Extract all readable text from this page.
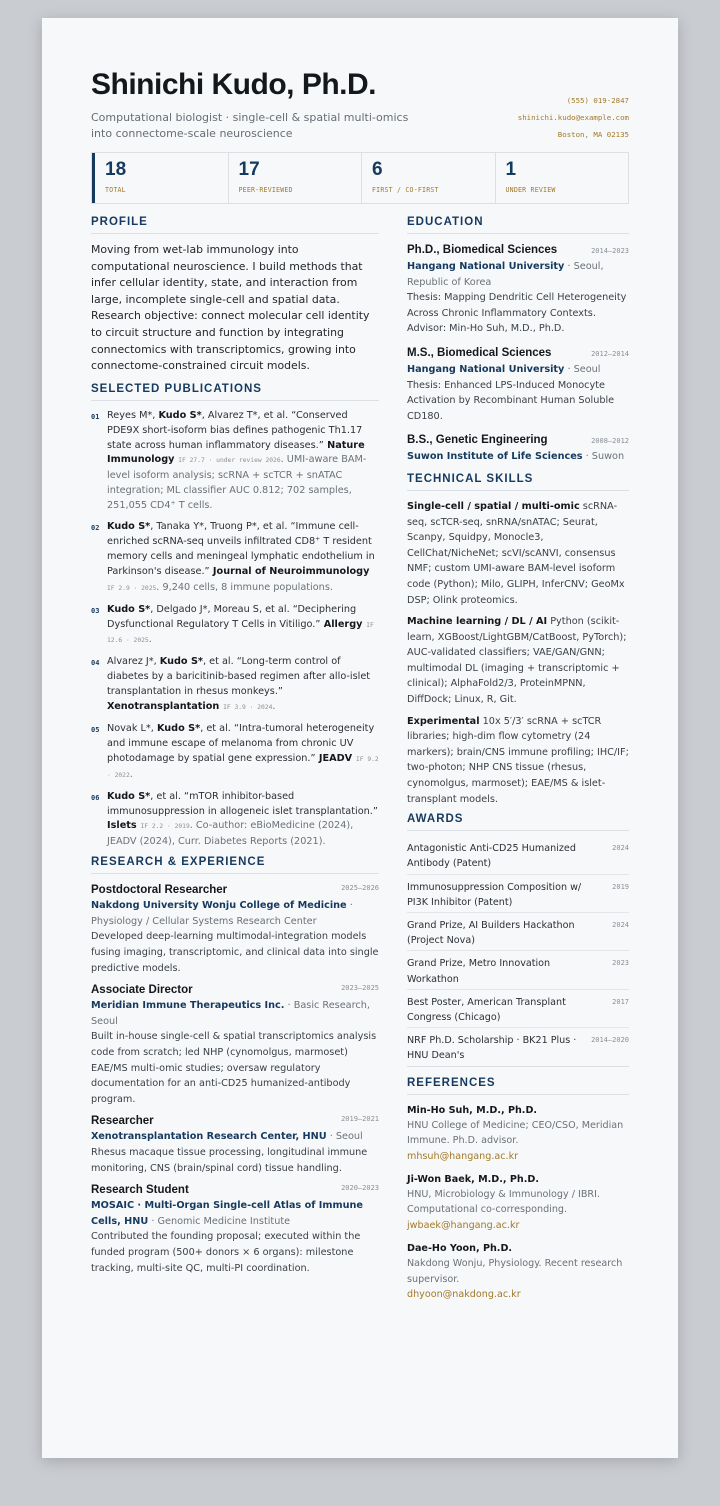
Shinichi Kudo, Ph.D.
Computational biologist · single-cell & spatial multi-omics into connectome-scale neuroscience
(555) 019-2847
shinichi.kudo@example.com
Boston, MA 02135
18
TOTAL
17
PEER-REVIEWED
6
FIRST / CO-FIRST
1
UNDER REVIEW
PROFILE
Moving from wet-lab immunology into computational neuroscience. I build methods that infer cellular identity, state, and interaction from large, incomplete single-cell and spatial data. Research objective: connect molecular cell identity to circuit structure and function by integrating connectomics with transcriptomics, growing into connectome-constrained circuit models.
SELECTED PUBLICATIONS
01 Reyes M*, Kudo S*, Alvarez T*, et al. “Conserved PDE9X short-isoform bias defines pathogenic Th1.17 state across human inflammatory diseases.” Nature Immunology IF 27.7 · under review 2026. UMI-aware BAM-level isoform analysis; scRNA + scTCR + snATAC integration; ML classifier AUC 0.812; 702 samples, 251,055 CD4⁺ T cells.
02 Kudo S*, Tanaka Y*, Truong P*, et al. “Immune cell-enriched scRNA-seq unveils infiltrated CD8⁺ T resident memory cells and meningeal lymphatic endothelium in Parkinson's disease.” Journal of Neuroimmunology IF 2.9 · 2025. 9,240 cells, 8 immune populations.
03 Kudo S*, Delgado J*, Moreau S, et al. “Deciphering Dysfunctional Regulatory T Cells in Vitiligo.” Allergy IF 12.6 · 2025.
04 Alvarez J*, Kudo S*, et al. “Long-term control of diabetes by a baricitinib-based regimen after allo-islet transplantation in rhesus monkeys.” Xenotransplantation IF 3.9 · 2024.
05 Novak L*, Kudo S*, et al. “Intra-tumoral heterogeneity and immune escape of melanoma from chronic UV photodamage by spatial gene expression.” JEADV IF 9.2 · 2022.
06 Kudo S*, et al. “mTOR inhibitor-based immunosuppression in allogeneic islet transplantation.” Islets IF 2.2 · 2019. Co-author: eBioMedicine (2024), JEADV (2024), Curr. Diabetes Reports (2021).
RESEARCH & EXPERIENCE
Postdoctoral Researcher	2025–2026
Nakdong University Wonju College of Medicine · Physiology / Cellular Systems Research Center
Developed deep-learning multimodal-integration models fusing imaging, transcriptomic, and clinical data into single predictive models.
Associate Director	2023–2025
Meridian Immune Therapeutics Inc. · Basic Research, Seoul
Built in-house single-cell & spatial transcriptomics analysis code from scratch; led NHP (cynomolgus, marmoset) EAE/MS multi-omic studies; oversaw regulatory documentation for an anti-CD25 humanized-antibody program.
Researcher	2019–2021
Xenotransplantation Research Center, HNU · Seoul
Rhesus macaque tissue processing, longitudinal immune monitoring, CNS (brain/spinal cord) tissue handling.
Research Student	2020–2023
MOSAIC · Multi-Organ Single-cell Atlas of Immune Cells, HNU · Genomic Medicine Institute
Contributed the founding proposal; executed within the funded program (500+ donors × 6 organs): milestone tracking, multi-site QC, multi-PI coordination.
EDUCATION
Ph.D., Biomedical Sciences	2014–2023
Hangang National University · Seoul, Republic of Korea
Thesis: Mapping Dendritic Cell Heterogeneity Across Chronic Inflammatory Contexts. Advisor: Min-Ho Suh, M.D., Ph.D.
M.S., Biomedical Sciences	2012–2014
Hangang National University · Seoul
Thesis: Enhanced LPS-Induced Monocyte Activation by Recombinant Human Soluble CD180.
B.S., Genetic Engineering	2008–2012
Suwon Institute of Life Sciences · Suwon
TECHNICAL SKILLS
Single-cell / spatial / multi-omic scRNA-seq, scTCR-seq, snRNA/snATAC; Seurat, Scanpy, Squidpy, Monocle3, CellChat/NicheNet; scVI/scANVI, consensus NMF; custom UMI-aware BAM-level isoform code (Python); Milo, GLIPH, InferCNV; GeoMx DSP; Olink proteomics.
Machine learning / DL / AI Python (scikit-learn, XGBoost/LightGBM/CatBoost, PyTorch); AUC-validated classifiers; VAE/GAN/GNN; multimodal DL (imaging + transcriptomic + clinical); AlphaFold2/3, ProteinMPNN, DiffDock; Linux, R, Git.
Experimental 10x 5′/3′ scRNA + scTCR libraries; high-dim flow cytometry (24 markers); brain/CNS immune profiling; IHC/IF; two-photon; NHP CNS tissue (rhesus, cynomolgus, marmoset); EAE/MS & islet-transplant models.
AWARDS
Antagonistic Anti-CD25 Humanized Antibody (Patent)
2024
Immunosuppression Composition w/ PI3K Inhibitor (Patent)
2019
Grand Prize, AI Builders Hackathon (Project Nova)
2024
Grand Prize, Metro Innovation Workathon
2023
Best Poster, American Transplant Congress (Chicago)
2017
NRF Ph.D. Scholarship · BK21 Plus · HNU Dean's
2014–2020
REFERENCES
Min-Ho Suh, M.D., Ph.D.
HNU College of Medicine; CEO/CSO, Meridian Immune. Ph.D. advisor.
mhsuh@hangang.ac.kr
Ji-Won Baek, M.D., Ph.D.
HNU, Microbiology & Immunology / IBRI. Computational co-corresponding.
jwbaek@hangang.ac.kr
Dae-Ho Yoon, Ph.D.
Nakdong Wonju, Physiology. Recent research supervisor.
dhyoon@nakdong.ac.kr
